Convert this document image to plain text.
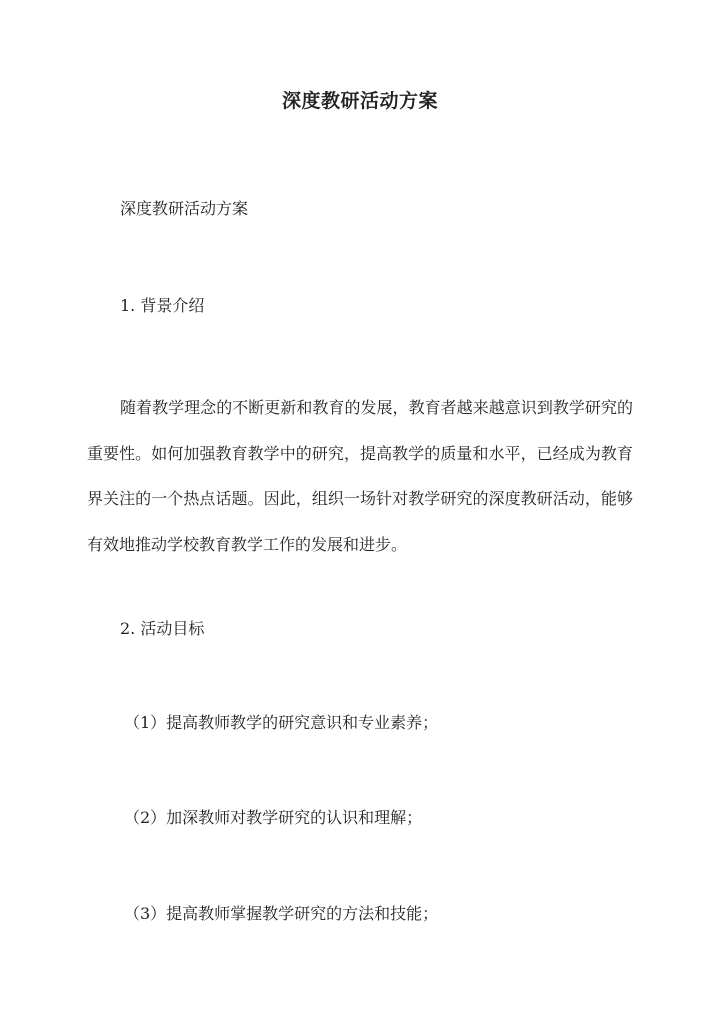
深度教研活动方案
深度教研活动方案
1. 背景介绍
随着教学理念的不断更新和教育的发展，教育者越来越意识到教学研究的重要性。如何加强教育教学中的研究，提高教学的质量和水平，已经成为教育界关注的一个热点话题。因此，组织一场针对教学研究的深度教研活动，能够有效地推动学校教育教学工作的发展和进步。
2. 活动目标
（1）提高教师教学的研究意识和专业素养；
（2）加深教师对教学研究的认识和理解；
（3）提高教师掌握教学研究的方法和技能；
